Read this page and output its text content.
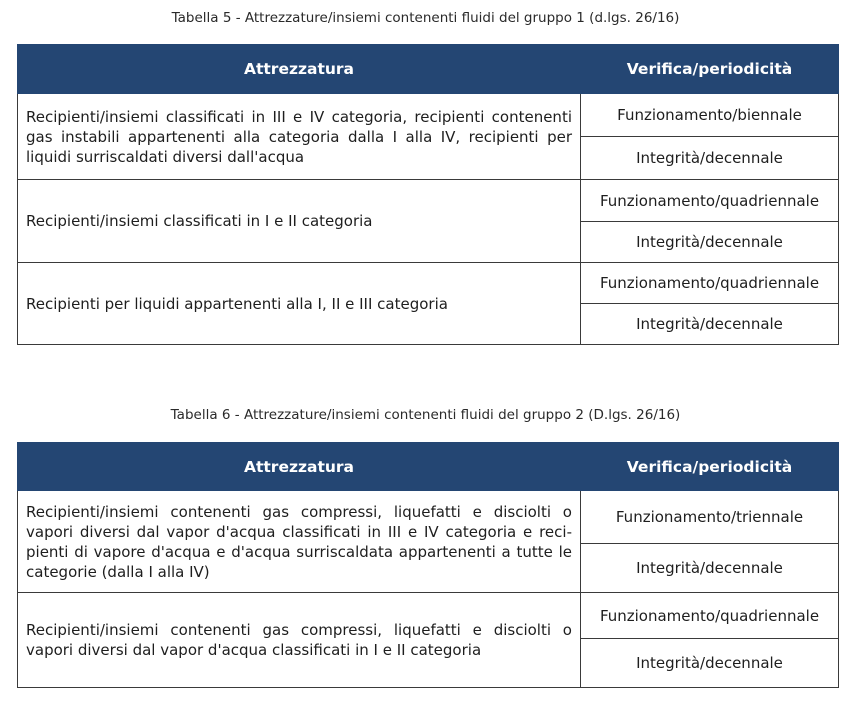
Tabella 5 - Attrezzature/insiemi contenenti fluidi del gruppo 1 (d.lgs. 26/16)
Attrezzatura	Verifica/periodicità
Recipienti/insiemi classificati in III e IV categoria, recipienti contenenti gas instabili appartenenti alla categoria dalla I alla IV, recipienti per liquidi surriscaldati diversi dall'acqua	Funzionamento/biennale
	Integrità/decennale
Recipienti/insiemi classificati in I e II categoria	Funzionamento/quadriennale
	Integrità/decennale
Recipienti per liquidi appartenenti alla I, II e III categoria	Funzionamento/quadriennale
	Integrità/decennale
Tabella 6 - Attrezzature/insiemi contenenti fluidi del gruppo 2 (D.lgs. 26/16)
Attrezzatura	Verifica/periodicità
Recipienti/insiemi contenenti gas compressi, liquefatti e disciolti o vapori diversi dal vapor d'acqua classificati in III e IV categoria e reci-pienti di vapore d'acqua e d'acqua surriscaldata appartenenti a tutte le categorie (dalla I alla IV)	Funzionamento/triennale
	Integrità/decennale
Recipienti/insiemi contenenti gas compressi, liquefatti e disciolti o vapori diversi dal vapor d'acqua classificati in I e II categoria	Funzionamento/quadriennale
	Integrità/decennale
